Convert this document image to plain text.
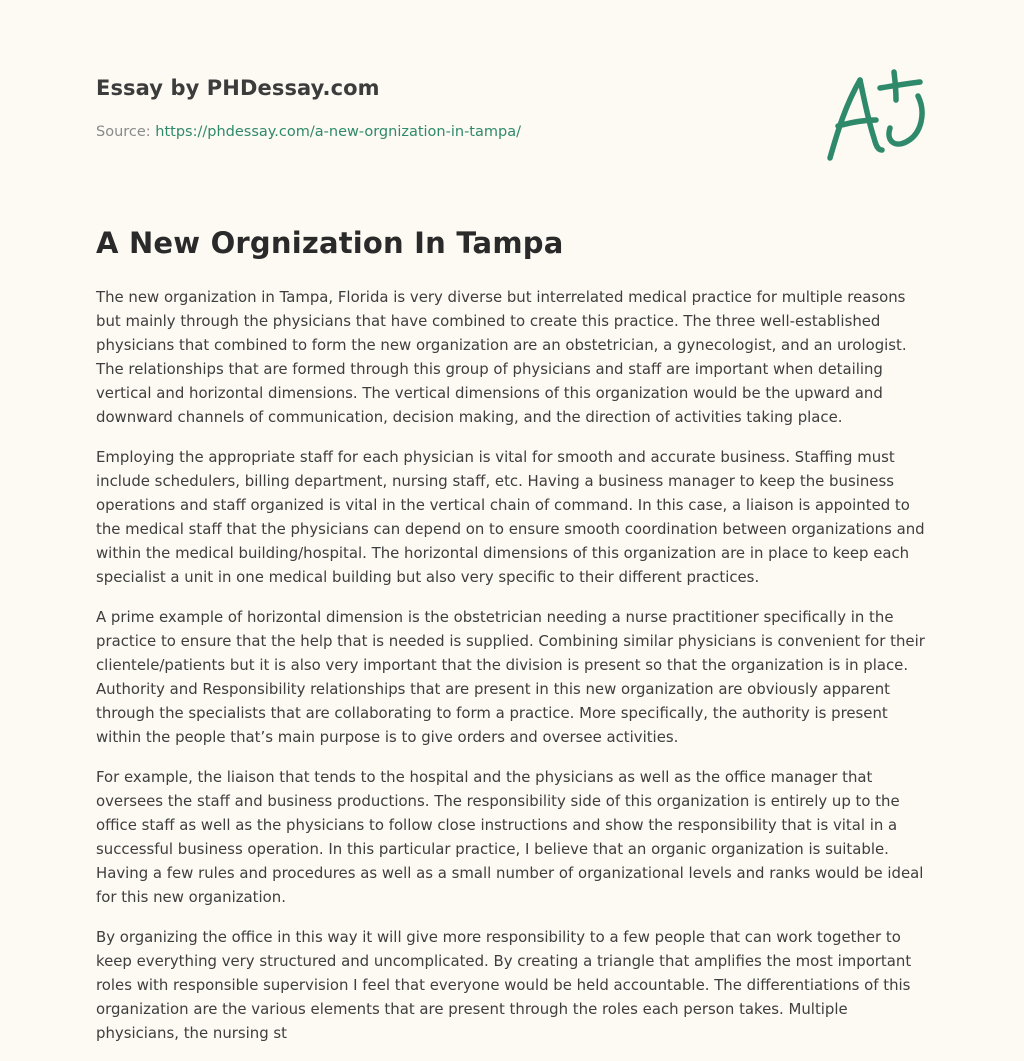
Essay by PHDessay.com

Source: https://phdessay.com/a-new-orgnization-in-tampa/

A New Orgnization In Tampa

The new organization in Tampa, Florida is very diverse but interrelated medical practice for multiple reasons but mainly through the physicians that have combined to create this practice. The three well-established physicians that combined to form the new organization are an obstetrician, a gynecologist, and an urologist. The relationships that are formed through this group of physicians and staff are important when detailing vertical and horizontal dimensions. The vertical dimensions of this organization would be the upward and downward channels of communication, decision making, and the direction of activities taking place.

Employing the appropriate staff for each physician is vital for smooth and accurate business. Staffing must include schedulers, billing department, nursing staff, etc. Having a business manager to keep the business operations and staff organized is vital in the vertical chain of command. In this case, a liaison is appointed to the medical staff that the physicians can depend on to ensure smooth coordination between organizations and within the medical building/hospital. The horizontal dimensions of this organization are in place to keep each specialist a unit in one medical building but also very specific to their different practices.

A prime example of horizontal dimension is the obstetrician needing a nurse practitioner specifically in the practice to ensure that the help that is needed is supplied. Combining similar physicians is convenient for their clientele/patients but it is also very important that the division is present so that the organization is in place. Authority and Responsibility relationships that are present in this new organization are obviously apparent through the specialists that are collaborating to form a practice. More specifically, the authority is present within the people that’s main purpose is to give orders and oversee activities.

For example, the liaison that tends to the hospital and the physicians as well as the office manager that oversees the staff and business productions. The responsibility side of this organization is entirely up to the office staff as well as the physicians to follow close instructions and show the responsibility that is vital in a successful business operation. In this particular practice, I believe that an organic organization is suitable. Having a few rules and procedures as well as a small number of organizational levels and ranks would be ideal for this new organization.

By organizing the office in this way it will give more responsibility to a few people that can work together to keep everything very structured and uncomplicated. By creating a triangle that amplifies the most important roles with responsible supervision I feel that everyone would be held accountable. The differentiations of this organization are the various elements that are present through the roles each person takes. Multiple physicians, the nursing st
